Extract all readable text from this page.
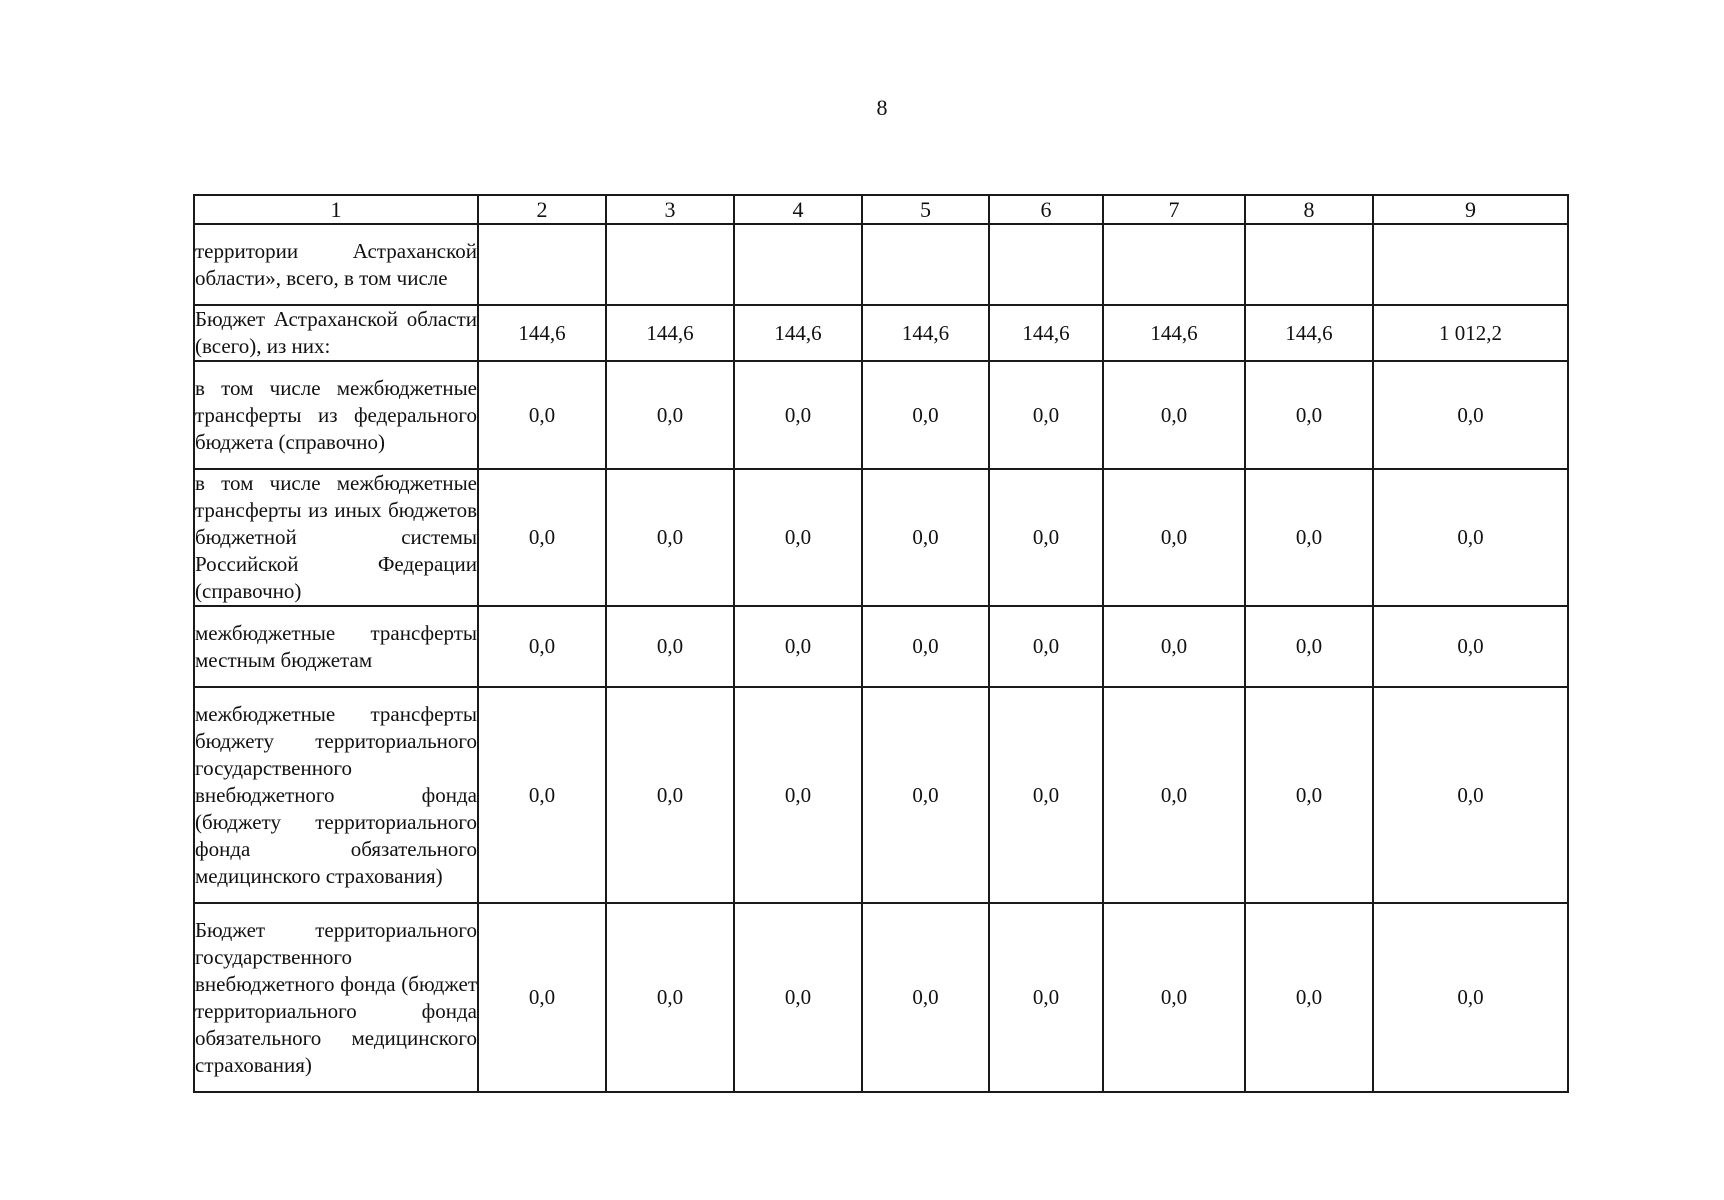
8
1	2	3	4	5	6	7	8	9
территории Астраханской области», всего, в том числе								
Бюджет Астраханской области (всего), из них:	144,6	144,6	144,6	144,6	144,6	144,6	144,6	1 012,2
в том числе межбюджетные трансферты из федерального бюджета (справочно)	0,0	0,0	0,0	0,0	0,0	0,0	0,0	0,0
в том числе межбюджетные трансферты из иных бюджетов бюджетной системы Российской Федерации (справочно)	0,0	0,0	0,0	0,0	0,0	0,0	0,0	0,0
межбюджетные трансферты местным бюджетам	0,0	0,0	0,0	0,0	0,0	0,0	0,0	0,0
межбюджетные трансферты бюджету территориального государственного внебюджетного фонда (бюджету территориального фонда обязательного медицинского страхования)	0,0	0,0	0,0	0,0	0,0	0,0	0,0	0,0
Бюджет территориального государственного внебюджетного фонда (бюджет территориального фонда обязательного медицинского страхования)	0,0	0,0	0,0	0,0	0,0	0,0	0,0	0,0
